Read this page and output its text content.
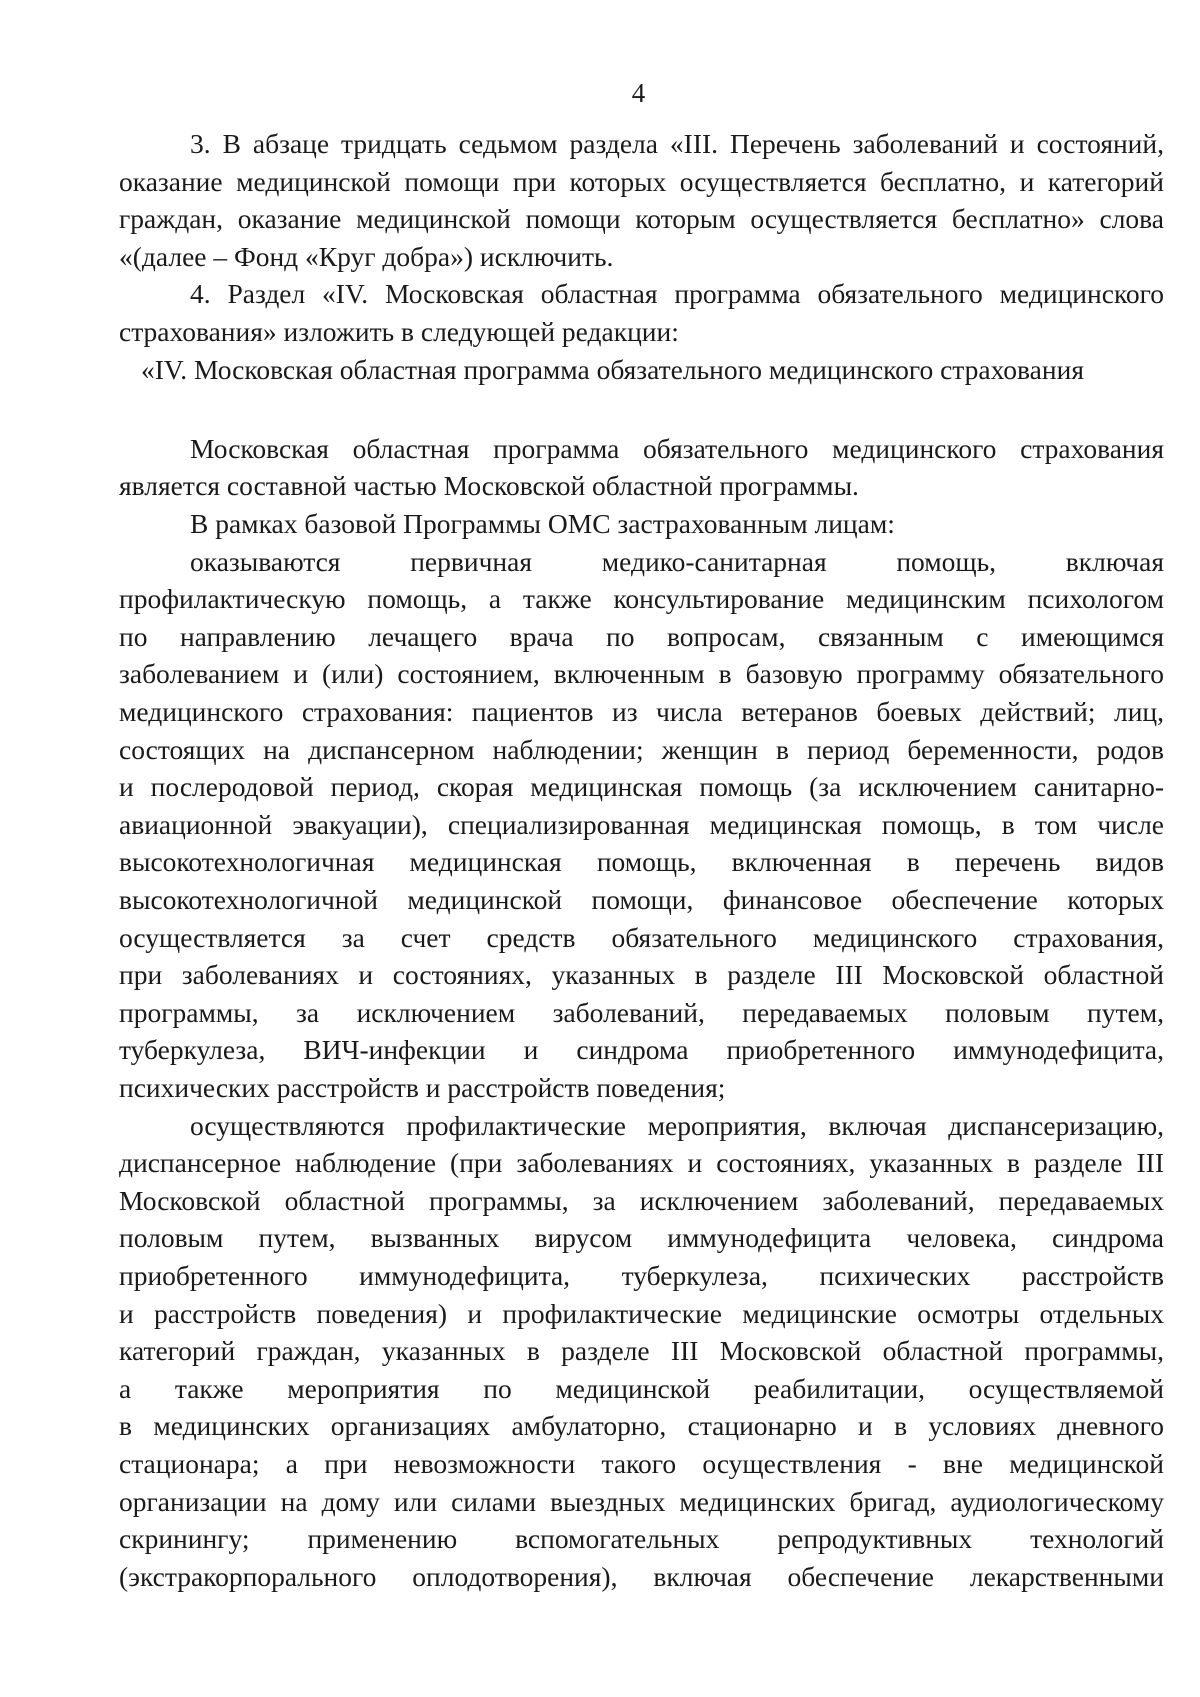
4
3. В абзаце тридцать седьмом раздела «III. Перечень заболеваний и состояний,
оказание медицинской помощи при которых осуществляется бесплатно, и категорий
граждан, оказание медицинской помощи которым осуществляется бесплатно» слова
«(далее – Фонд «Круг добра») исключить.
4. Раздел «IV. Московская областная программа обязательного медицинского
страхования» изложить в следующей редакции:
«IV. Московская областная программа обязательного медицинского страхования
Московская областная программа обязательного медицинского страхования
является составной частью Московской областной программы.
В рамках базовой Программы ОМС застрахованным лицам:
оказываются первичная медико-санитарная помощь, включая
профилактическую помощь, а также консультирование медицинским психологом
по направлению лечащего врача по вопросам, связанным с имеющимся
заболеванием и (или) состоянием, включенным в базовую программу обязательного
медицинского страхования: пациентов из числа ветеранов боевых действий; лиц,
состоящих на диспансерном наблюдении; женщин в период беременности, родов
и послеродовой период, скорая медицинская помощь (за исключением санитарно-
авиационной эвакуации), специализированная медицинская помощь, в том числе
высокотехнологичная медицинская помощь, включенная в перечень видов
высокотехнологичной медицинской помощи, финансовое обеспечение которых
осуществляется за счет средств обязательного медицинского страхования,
при заболеваниях и состояниях, указанных в разделе III Московской областной
программы, за исключением заболеваний, передаваемых половым путем,
туберкулеза, ВИЧ-инфекции и синдрома приобретенного иммунодефицита,
психических расстройств и расстройств поведения;
осуществляются профилактические мероприятия, включая диспансеризацию,
диспансерное наблюдение (при заболеваниях и состояниях, указанных в разделе III
Московской областной программы, за исключением заболеваний, передаваемых
половым путем, вызванных вирусом иммунодефицита человека, синдрома
приобретенного иммунодефицита, туберкулеза, психических расстройств
и расстройств поведения) и профилактические медицинские осмотры отдельных
категорий граждан, указанных в разделе III Московской областной программы,
а также мероприятия по медицинской реабилитации, осуществляемой
в медицинских организациях амбулаторно, стационарно и в условиях дневного
стационара; а при невозможности такого осуществления - вне медицинской
организации на дому или силами выездных медицинских бригад, аудиологическому
скринингу; применению вспомогательных репродуктивных технологий
(экстракорпорального оплодотворения), включая обеспечение лекарственными
